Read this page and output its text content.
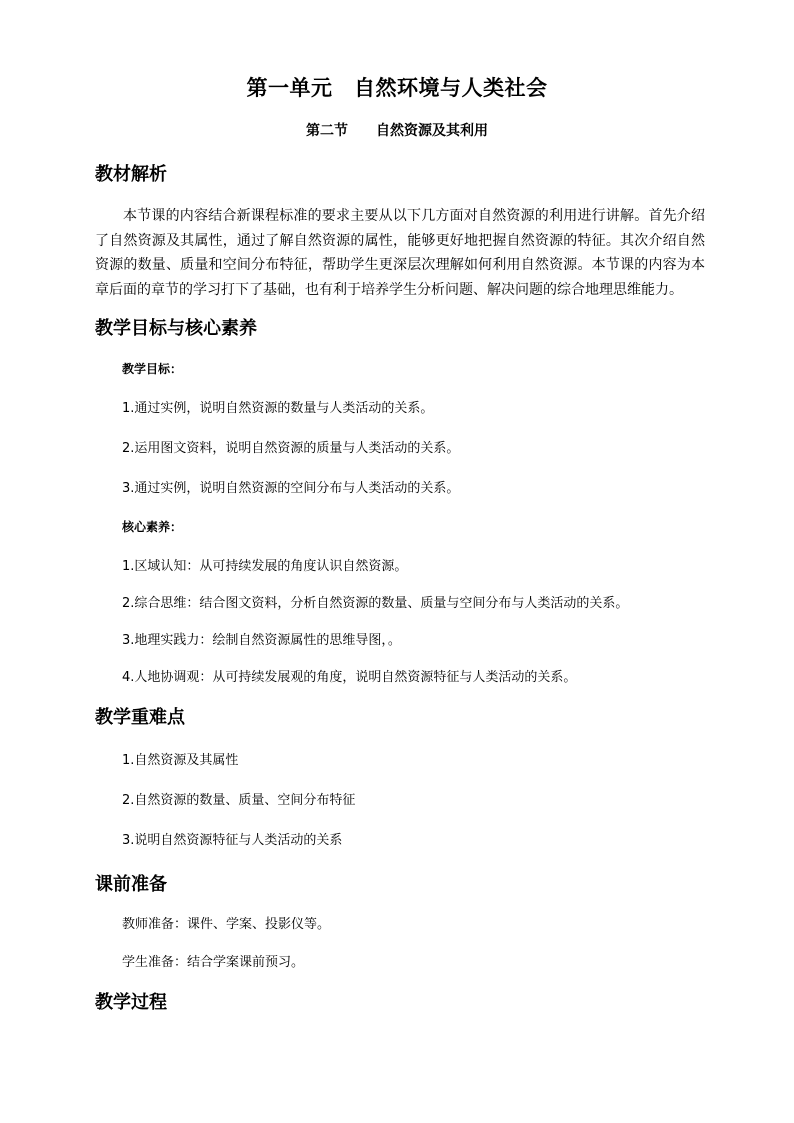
第一单元　自然环境与人类社会
第二节　　自然资源及其利用
教材解析
本节课的内容结合新课程标准的要求主要从以下几方面对自然资源的利用进行讲解。首先介绍了自然资源及其属性，通过了解自然资源的属性，能够更好地把握自然资源的特征。其次介绍自然资源的数量、质量和空间分布特征，帮助学生更深层次理解如何利用自然资源。本节课的内容为本章后面的章节的学习打下了基础，也有利于培养学生分析问题、解决问题的综合地理思维能力。
教学目标与核心素养
教学目标：
1.通过实例，说明自然资源的数量与人类活动的关系。
2.运用图文资料，说明自然资源的质量与人类活动的关系。
3.通过实例，说明自然资源的空间分布与人类活动的关系。
核心素养：
1.区域认知：从可持续发展的角度认识自然资源。
2.综合思维：结合图文资料，分析自然资源的数量、质量与空间分布与人类活动的关系。
3.地理实践力：绘制自然资源属性的思维导图，。
4.人地协调观：从可持续发展观的角度，说明自然资源特征与人类活动的关系。
教学重难点
1.自然资源及其属性
2.自然资源的数量、质量、空间分布特征
3.说明自然资源特征与人类活动的关系
课前准备
教师准备：课件、学案、投影仪等。
学生准备：结合学案课前预习。
教学过程
